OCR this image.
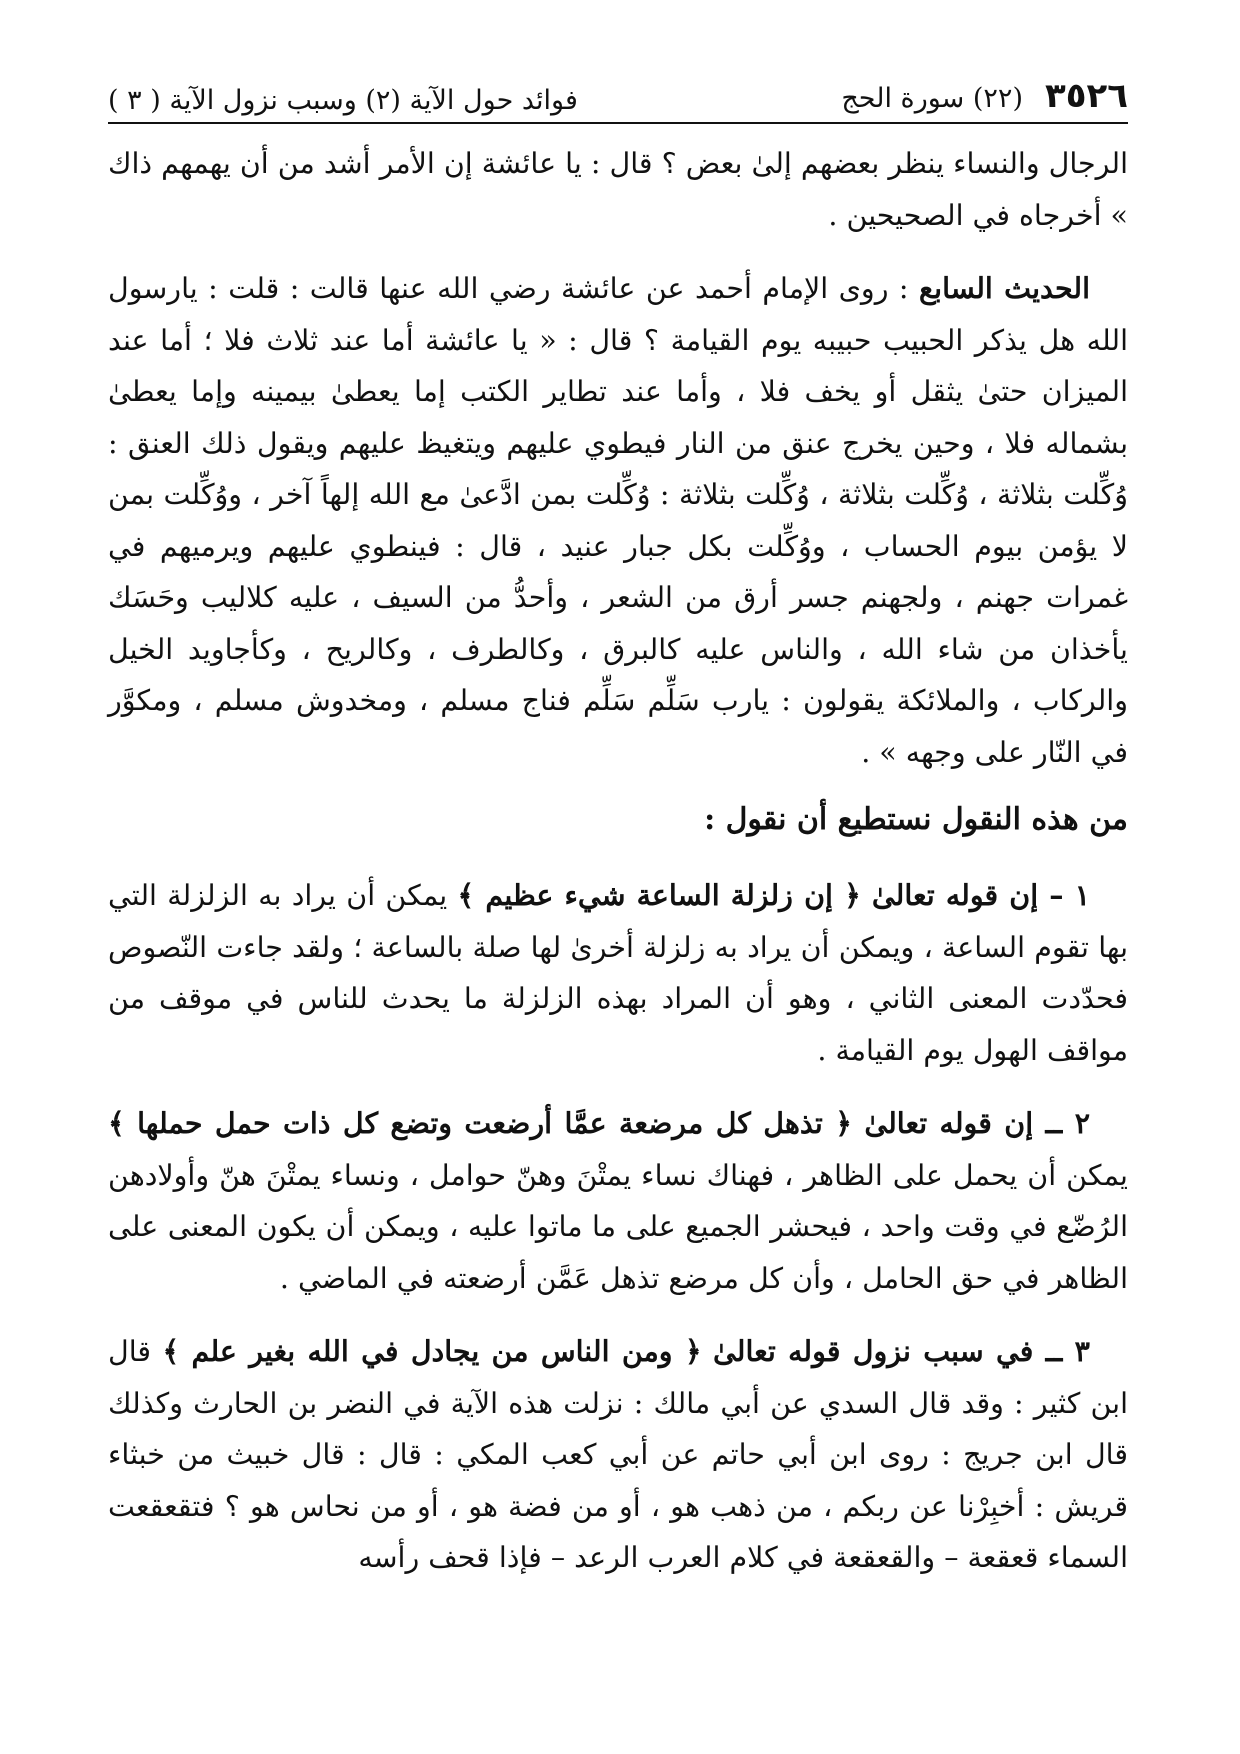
٣٥٢٦
(٢٢) سورة الحج
فوائد حول الآية (٢) وسبب نزول الآية ( ٣ )

الرجال والنساء ينظر بعضهم إلىٰ بعض ؟ قال : يا عائشة إن الأمر أشد من أن يهمهم ذاك » أخرجاه في الصحيحين .

الحديث السابع : روى الإمام أحمد عن عائشة رضي الله عنها قالت : قلت : يارسول الله هل يذكر الحبيب حبيبه يوم القيامة ؟ قال : « يا عائشة أما عند ثلاث فلا ؛ أما عند الميزان حتىٰ يثقل أو يخف فلا ، وأما عند تطاير الكتب إما يعطىٰ بيمينه وإما يعطىٰ بشماله فلا ، وحين يخرج عنق من النار فيطوي عليهم ويتغيظ عليهم ويقول ذلك العنق : وُكِّلت بثلاثة ، وُكِّلت بثلاثة ، وُكِّلت بثلاثة : وُكِّلت بمن ادَّعىٰ مع الله إلهاً آخر ، ووُكِّلت بمن لا يؤمن بيوم الحساب ، ووُكِّلت بكل جبار عنيد ، قال : فينطوي عليهم ويرميهم في غمرات جهنم ، ولجهنم جسر أرق من الشعر ، وأحدُّ من السيف ، عليه كلاليب وحَسَك يأخذان من شاء الله ، والناس عليه كالبرق ، وكالطرف ، وكالريح ، وكأجاويد الخيل والركاب ، والملائكة يقولون : يارب سَلِّم سَلِّم فناج مسلم ، ومخدوش مسلم ، ومكوَّر في النّار على وجهه » .

من هذه النقول نستطيع أن نقول :

١ – إن قوله تعالىٰ ﴿ إن زلزلة الساعة شيء عظيم ﴾ يمكن أن يراد به الزلزلة التي بها تقوم الساعة ، ويمكن أن يراد به زلزلة أخرىٰ لها صلة بالساعة ؛ ولقد جاءت النّصوص فحدّدت المعنى الثاني ، وهو أن المراد بهذه الزلزلة ما يحدث للناس في موقف من مواقف الهول يوم القيامة .

٢ ــ إن قوله تعالىٰ ﴿ تذهل كل مرضعة عمَّا أرضعت وتضع كل ذات حمل حملها ﴾ يمكن أن يحمل على الظاهر ، فهناك نساء يمتْنَ وهنّ حوامل ، ونساء يمتْنَ هنّ وأولادهن الرُضّع في وقت واحد ، فيحشر الجميع على ما ماتوا عليه ، ويمكن أن يكون المعنى على الظاهر في حق الحامل ، وأن كل مرضع تذهل عَمَّن أرضعته في الماضي .

٣ ــ في سبب نزول قوله تعالىٰ ﴿ ومن الناس من يجادل في الله بغير علم ﴾ قال ابن كثير : وقد قال السدي عن أبي مالك : نزلت هذه الآية في النضر بن الحارث وكذلك قال ابن جريج : روى ابن أبي حاتم عن أبي كعب المكي : قال : قال خبيث من خبثاء قريش : أخبِرْنا عن ربكم ، من ذهب هو ، أو من فضة هو ، أو من نحاس هو ؟ فتقعقعت السماء قعقعة – والقعقعة في كلام العرب الرعد – فإذا قحف رأسه
